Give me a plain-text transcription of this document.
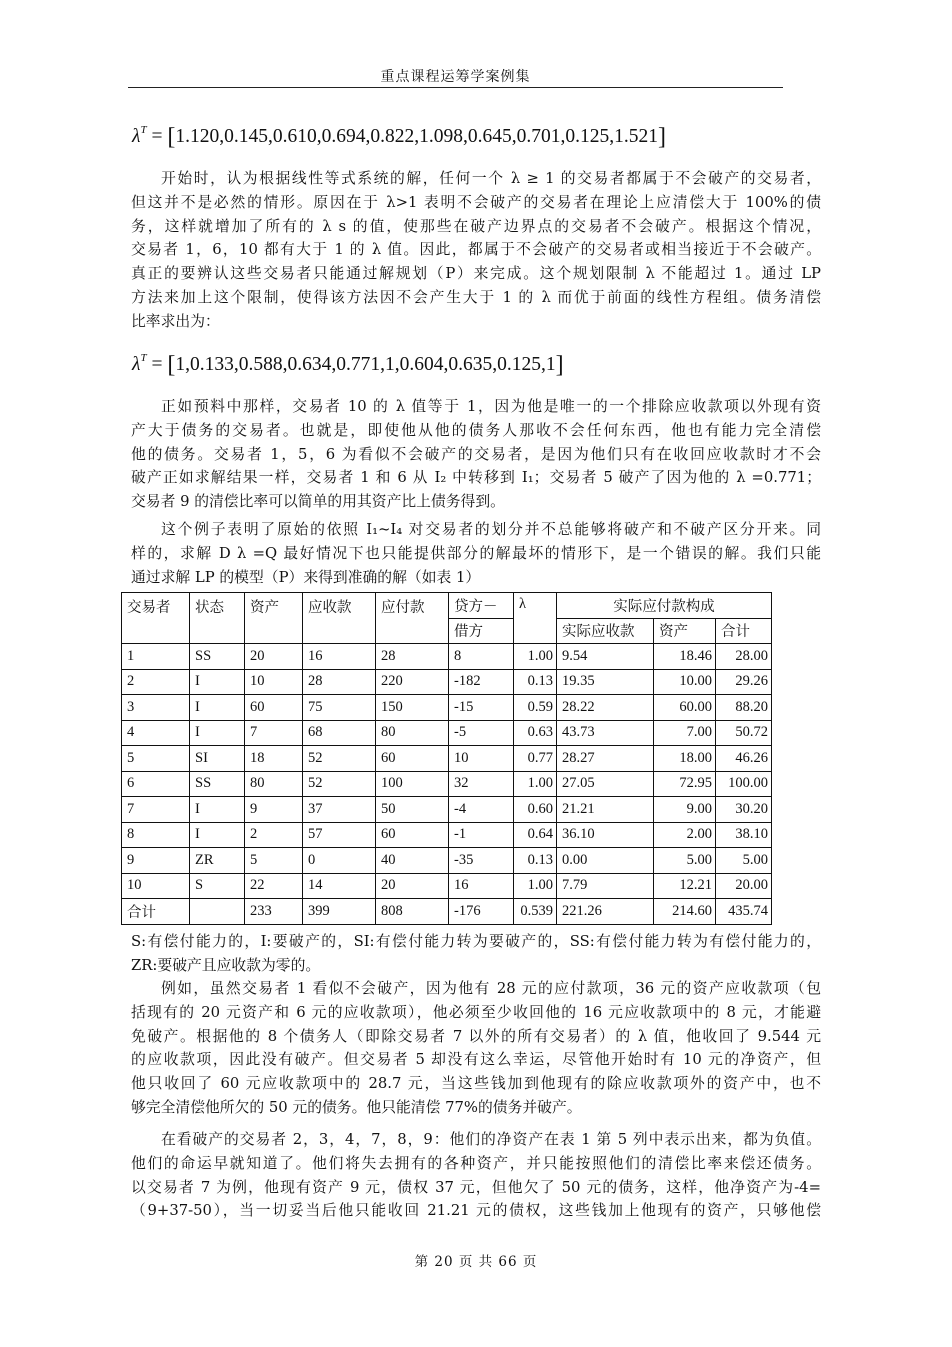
重点课程运筹学案例集
$\lambda^T = [1.120,0.145,0.610,0.694,0.822,1.098,0.645,0.701,0.125,1.521]$
开始时，认为根据线性等式系统的解，任何一个 λ ≥ 1 的交易者都属于不会破产的交易者，
但这并不是必然的情形。原因在于 λ>1 表明不会破产的交易者在理论上应清偿大于 100%的债
务，这样就增加了所有的 λ s 的值，使那些在破产边界点的交易者不会破产。根据这个情况，
交易者 1，6，10 都有大于 1 的 λ 值。因此，都属于不会破产的交易者或相当接近于不会破产。
真正的要辨认这些交易者只能通过解规划（P）来完成。这个规划限制 λ 不能超过 1。通过 LP
方法来加上这个限制，使得该方法因不会产生大于 1 的 λ 而优于前面的线性方程组。债务清偿
比率求出为：
$\lambda^T = [1,0.133,0.588,0.634,0.771,1,0.604,0.635,0.125,1]$
正如预料中那样，交易者 10 的 λ 值等于 1，因为他是唯一的一个排除应收款项以外现有资
产大于债务的交易者。也就是，即使他从他的债务人那收不会任何东西，他也有能力完全清偿
他的债务。交易者 1，5，6 为看似不会破产的交易者，是因为他们只有在收回应收款时才不会
破产正如求解结果一样，交易者 1 和 6 从 I₂ 中转移到 I₁；交易者 5 破产了因为他的 λ =0.771；
交易者 9 的清偿比率可以简单的用其资产比上债务得到。
这个例子表明了原始的依照 I₁~I₄ 对交易者的划分并不总能够将破产和不破产区分开来。同
样的，求解 D λ =Q 最好情况下也只能提供部分的解最坏的情形下，是一个错误的解。我们只能
通过求解 LP 的模型（P）来得到准确的解（如表 1）
交易者	状态	资产	应收款	应付款	贷方－	λ	实际应付款构成		
					借方		实际应收款	资产	合计
1	SS	20	16	28	8	1.00	9.54	18.46	28.00
2	I	10	28	220	-182	0.13	19.35	10.00	29.26
3	I	60	75	150	-15	0.59	28.22	60.00	88.20
4	I	7	68	80	-5	0.63	43.73	7.00	50.72
5	SI	18	52	60	10	0.77	28.27	18.00	46.26
6	SS	80	52	100	32	1.00	27.05	72.95	100.00
7	I	9	37	50	-4	0.60	21.21	9.00	30.20
8	I	2	57	60	-1	0.64	36.10	2.00	38.10
9	ZR	5	0	40	-35	0.13	0.00	5.00	5.00
10	S	22	14	20	16	1.00	7.79	12.21	20.00
合计		233	399	808	-176	0.539	221.26	214.60	435.74
S:有偿付能力的，I:要破产的，SI:有偿付能力转为要破产的，SS:有偿付能力转为有偿付能力的，
ZR:要破产且应收款为零的。
例如，虽然交易者 1 看似不会破产，因为他有 28 元的应付款项，36 元的资产应收款项（包
括现有的 20 元资产和 6 元的应收款项），他必须至少收回他的 16 元应收款项中的 8 元，才能避
免破产。根据他的 8 个债务人（即除交易者 7 以外的所有交易者）的 λ 值，他收回了 9.544 元
的应收款项，因此没有破产。但交易者 5 却没有这么幸运，尽管他开始时有 10 元的净资产，但
他只收回了 60 元应收款项中的 28.7 元，当这些钱加到他现有的除应收款项外的资产中，也不
够完全清偿他所欠的 50 元的债务。他只能清偿 77%的债务并破产。
在看破产的交易者 2，3，4，7，8，9：他们的净资产在表 1 第 5 列中表示出来，都为负值。
他们的命运早就知道了。他们将失去拥有的各种资产，并只能按照他们的清偿比率来偿还债务。
以交易者 7 为例，他现有资产 9 元，债权 37 元，但他欠了 50 元的债务，这样，他净资产为-4=
（9+37-50），当一切妥当后他只能收回 21.21 元的债权，这些钱加上他现有的资产，只够他偿
第 20 页 共 66 页
